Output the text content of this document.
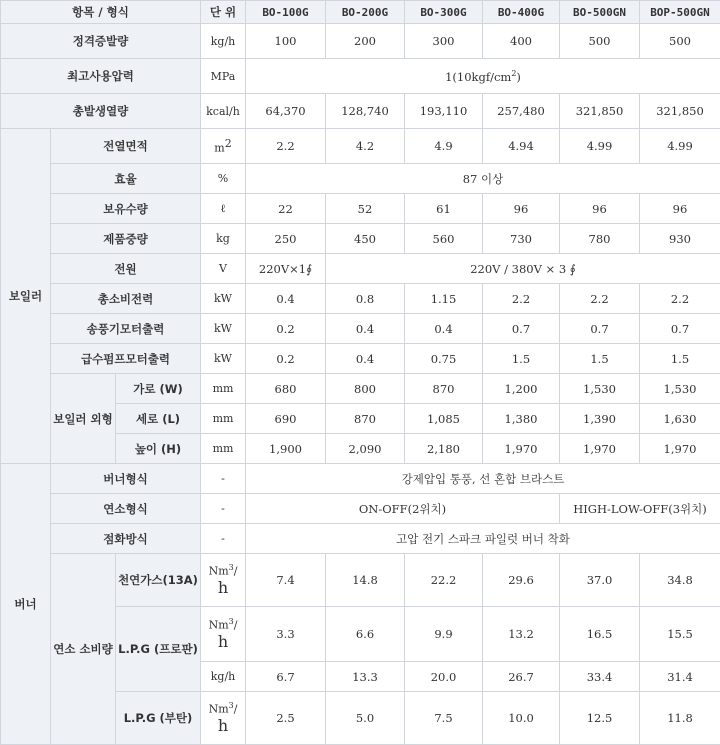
항목 / 형식			단 위	BO-100G	BO-200G	BO-300G	BO-400G	BO-500GN	BOP-500GN
정격증발량			kg/h	100	200	300	400	500	500
최고사용압력			MPa	$1(10kgf/cm^2)$					
총발생열량			kcal/h	64,370	128,740	193,110	257,480	321,850	321,850
보일러	전열면적		m2	2.2	4.2	4.9	4.94	4.99	4.99
	효율		%	87 이상					
	보유수량		ℓ	22	52	61	96	96	96
	제품중량		kg	250	450	560	730	780	930
	전원		V	220V×1∮	220V / 380V × 3 ∮				
	총소비전력		kW	0.4	0.8	1.15	2.2	2.2	2.2
	송풍기모터출력		kW	0.2	0.4	0.4	0.7	0.7	0.7
	급수펌프모터출력		kW	0.2	0.4	0.75	1.5	1.5	1.5
	보일러 외형	가로 (W)	mm	680	800	870	1,200	1,530	1,530
		세로 (L)	mm	690	870	1,085	1,380	1,390	1,630
		높이 (H)	mm	1,900	2,090	2,180	1,970	1,970	1,970
버너	버너형식		-	강제압입 통풍, 선 혼합 브라스트					
	연소형식		-	ON-OFF(2위치)				HIGH-LOW-OFF(3위치)	
	점화방식		-	고압 전기 스파크 파일럿 버너 착화					
	연소 소비량	천연가스(13A)	Nm$^3$/
h	7.4	14.8	22.2	29.6	37.0	34.8
		L.P.G (프로판)	Nm$^3$/
h	3.3	6.6	9.9	13.2	16.5	15.5
			kg/h	6.7	13.3	20.0	26.7	33.4	31.4
		L.P.G (부탄)	Nm$^3$/
h	2.5	5.0	7.5	10.0	12.5	11.8
